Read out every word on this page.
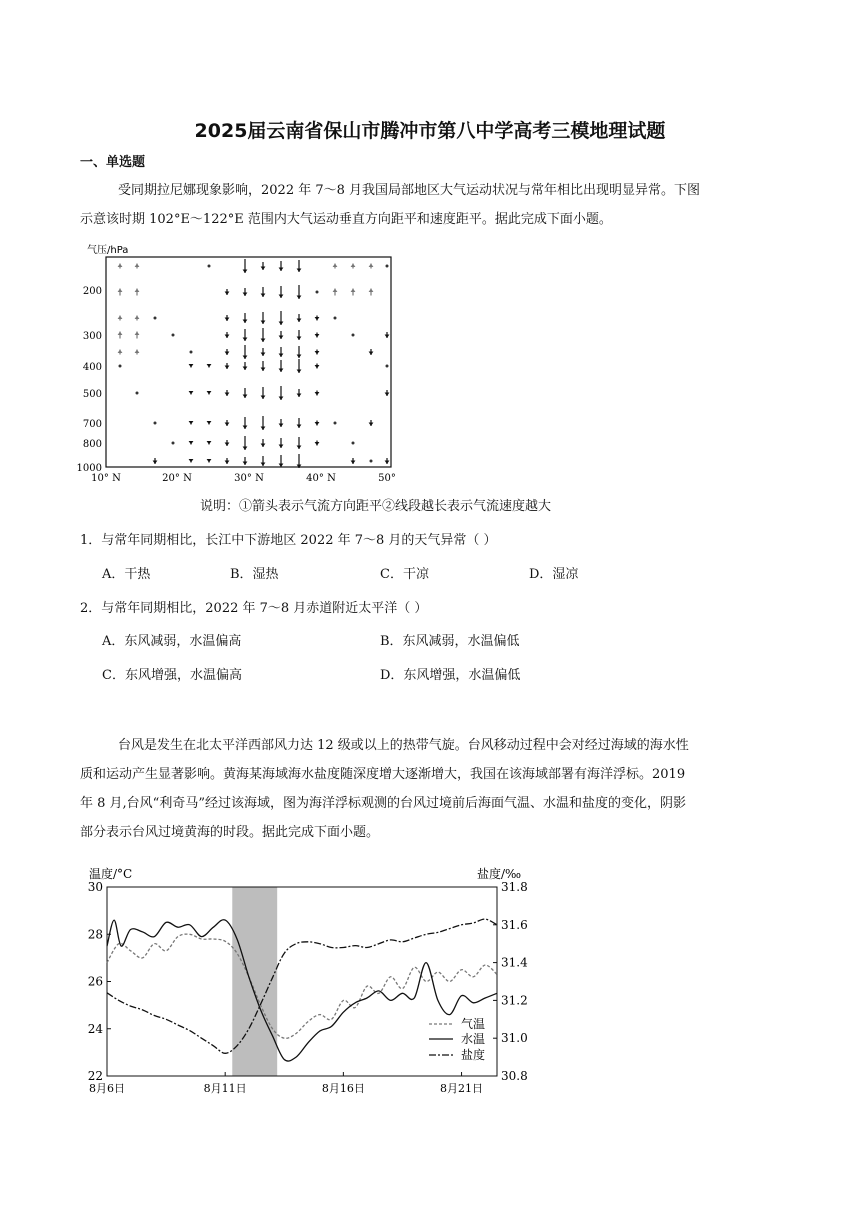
2025届云南省保山市腾冲市第八中学高考三模地理试题
一、单选题
受同期拉尼娜现象影响，2022 年 7～8 月我国局部地区大气运动状况与常年相比出现明显异常。下图
示意该时期 102°E～122°E 范围内大气运动垂直方向距平和速度距平。据此完成下面小题。
气压/hPa
200
300
400
500
700
800
1000
10° N	20° N	30° N	40° N	50°
说明：①箭头表示气流方向距平②线段越长表示气流速度越大
1．与常年同期相比，长江中下游地区 2022 年 7～8 月的天气异常（ ）
A．干热	B．湿热	C．干凉	D．湿凉
2．与常年同期相比，2022 年 7～8 月赤道附近太平洋（ ）
A．东风减弱，水温偏高	B．东风减弱，水温偏低
C．东风增强，水温偏高	D．东风增强，水温偏低
台风是发生在北太平洋西部风力达 12 级或以上的热带气旋。台风移动过程中会对经过海域的海水性
质和运动产生显著影响。黄海某海域海水盐度随深度增大逐渐增大，我国在该海域部署有海洋浮标。2019
年 8 月,台风“利奇马”经过该海域，图为海洋浮标观测的台风过境前后海面气温、水温和盐度的变化，阴影
部分表示台风过境黄海的时段。据此完成下面小题。
温度/°C	盐度/‰
30
28
26
24
22
31.8
31.6
31.4
31.2
31.0
30.8
8月6日	8月11日	8月16日	8月21日
气温
水温
盐度
